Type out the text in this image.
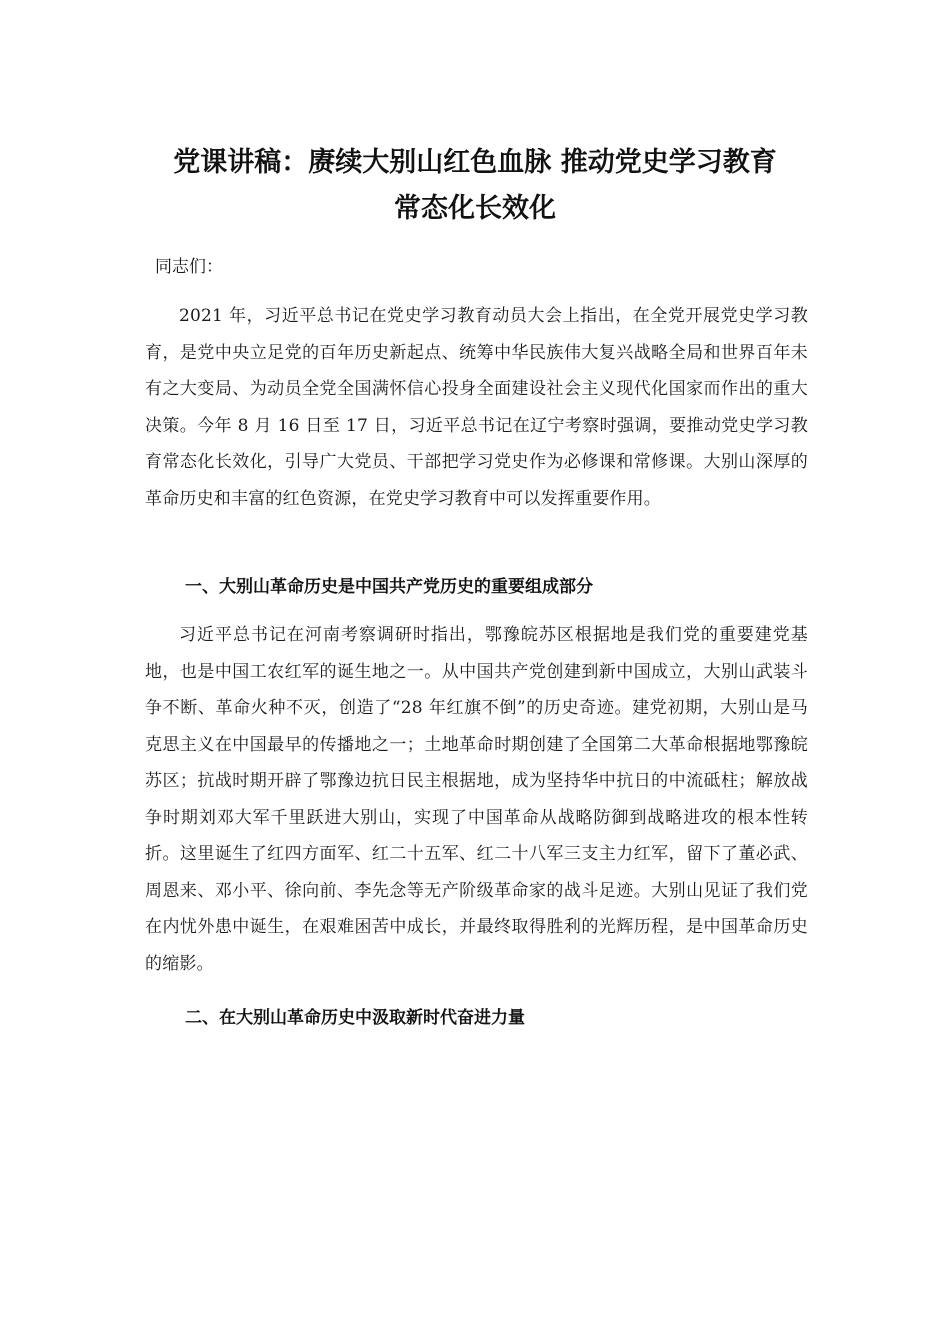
党课讲稿：赓续大别山红色血脉 推动党史学习教育
常态化长效化

同志们：

2021 年，习近平总书记在党史学习教育动员大会上指出，在全党开展党史学习教育，是党中央立足党的百年历史新起点、统筹中华民族伟大复兴战略全局和世界百年未有之大变局、为动员全党全国满怀信心投身全面建设社会主义现代化国家而作出的重大决策。今年 8 月 16 日至 17 日，习近平总书记在辽宁考察时强调，要推动党史学习教育常态化长效化，引导广大党员、干部把学习党史作为必修课和常修课。大别山深厚的革命历史和丰富的红色资源，在党史学习教育中可以发挥重要作用。

一、大别山革命历史是中国共产党历史的重要组成部分

习近平总书记在河南考察调研时指出，鄂豫皖苏区根据地是我们党的重要建党基地，也是中国工农红军的诞生地之一。从中国共产党创建到新中国成立，大别山武装斗争不断、革命火种不灭，创造了“28 年红旗不倒”的历史奇迹。建党初期，大别山是马克思主义在中国最早的传播地之一；土地革命时期创建了全国第二大革命根据地鄂豫皖苏区；抗战时期开辟了鄂豫边抗日民主根据地，成为坚持华中抗日的中流砥柱；解放战争时期刘邓大军千里跃进大别山，实现了中国革命从战略防御到战略进攻的根本性转折。这里诞生了红四方面军、红二十五军、红二十八军三支主力红军，留下了董必武、周恩来、邓小平、徐向前、李先念等无产阶级革命家的战斗足迹。大别山见证了我们党在内忧外患中诞生，在艰难困苦中成长，并最终取得胜利的光辉历程，是中国革命历史的缩影。

二、在大别山革命历史中汲取新时代奋进力量
